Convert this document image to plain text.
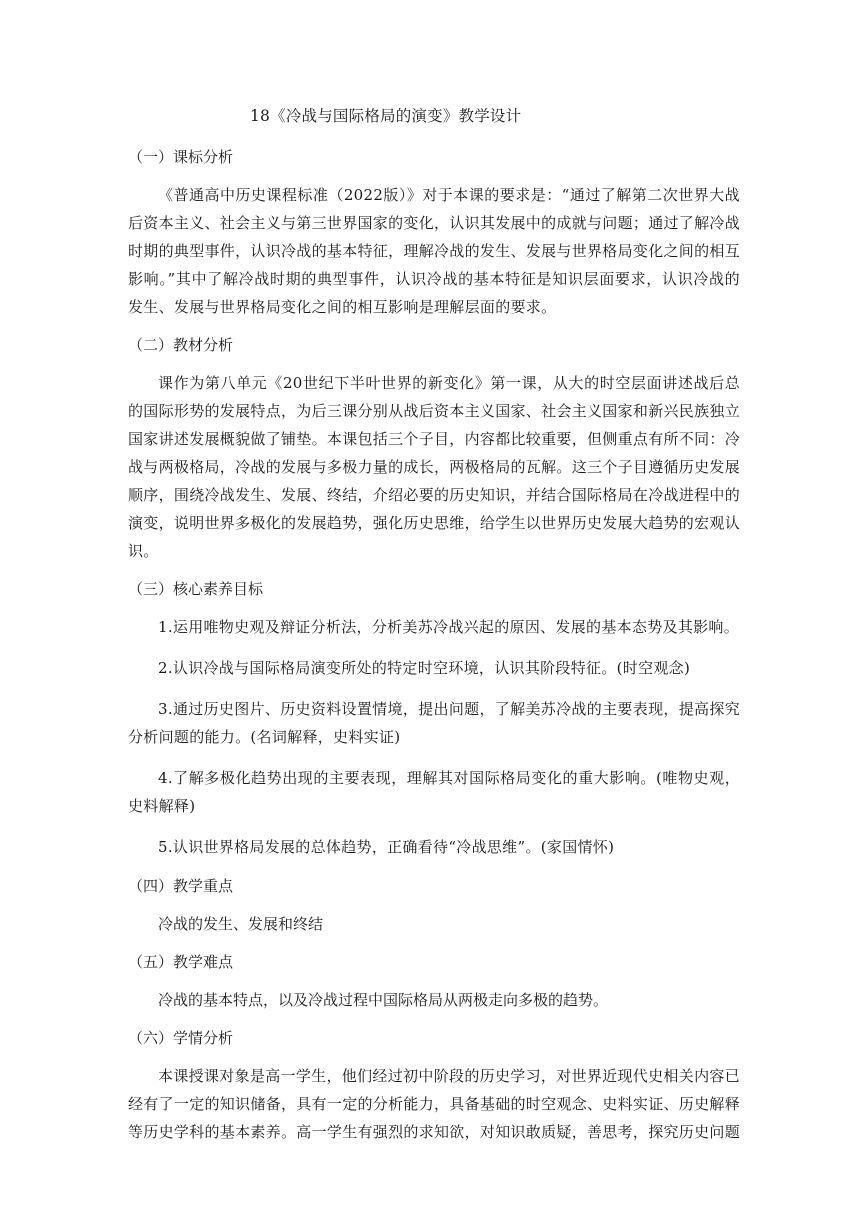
18《冷战与国际格局的演变》教学设计

（一）课标分析

《普通高中历史课程标准（2022版）》对于本课的要求是：“通过了解第二次世界大战后资本主义、社会主义与第三世界国家的变化，认识其发展中的成就与问题；通过了解冷战时期的典型事件，认识冷战的基本特征，理解冷战的发生、发展与世界格局变化之间的相互影响。”其中了解冷战时期的典型事件，认识冷战的基本特征是知识层面要求，认识冷战的发生、发展与世界格局变化之间的相互影响是理解层面的要求。

（二）教材分析

课作为第八单元《20世纪下半叶世界的新变化》第一课，从大的时空层面讲述战后总的国际形势的发展特点，为后三课分别从战后资本主义国家、社会主义国家和新兴民族独立国家讲述发展概貌做了铺垫。本课包括三个子目，内容都比较重要，但侧重点有所不同：冷战与两极格局，冷战的发展与多极力量的成长，两极格局的瓦解。这三个子目遵循历史发展顺序，围绕冷战发生、发展、终结，介绍必要的历史知识，并结合国际格局在冷战进程中的演变，说明世界多极化的发展趋势，强化历史思维，给学生以世界历史发展大趋势的宏观认识。

（三）核心素养目标

1.运用唯物史观及辩证分析法，分析美苏冷战兴起的原因、发展的基本态势及其影响。

2.认识冷战与国际格局演变所处的特定时空环境，认识其阶段特征。(时空观念)

3.通过历史图片、历史资料设置情境，提出问题，了解美苏冷战的主要表现，提高探究分析问题的能力。(名词解释，史料实证)

4.了解多极化趋势出现的主要表现，理解其对国际格局变化的重大影响。(唯物史观，史料解释)

5.认识世界格局发展的总体趋势，正确看待“冷战思维”。(家国情怀)

（四）教学重点

冷战的发生、发展和终结

（五）教学难点

冷战的基本特点，以及冷战过程中国际格局从两极走向多极的趋势。

（六）学情分析

本课授课对象是高一学生，他们经过初中阶段的历史学习，对世界近现代史相关内容已经有了一定的知识储备，具有一定的分析能力，具备基础的时空观念、史料实证、历史解释等历史学科的基本素养。高一学生有强烈的求知欲，对知识敢质疑，善思考，探究历史问题
